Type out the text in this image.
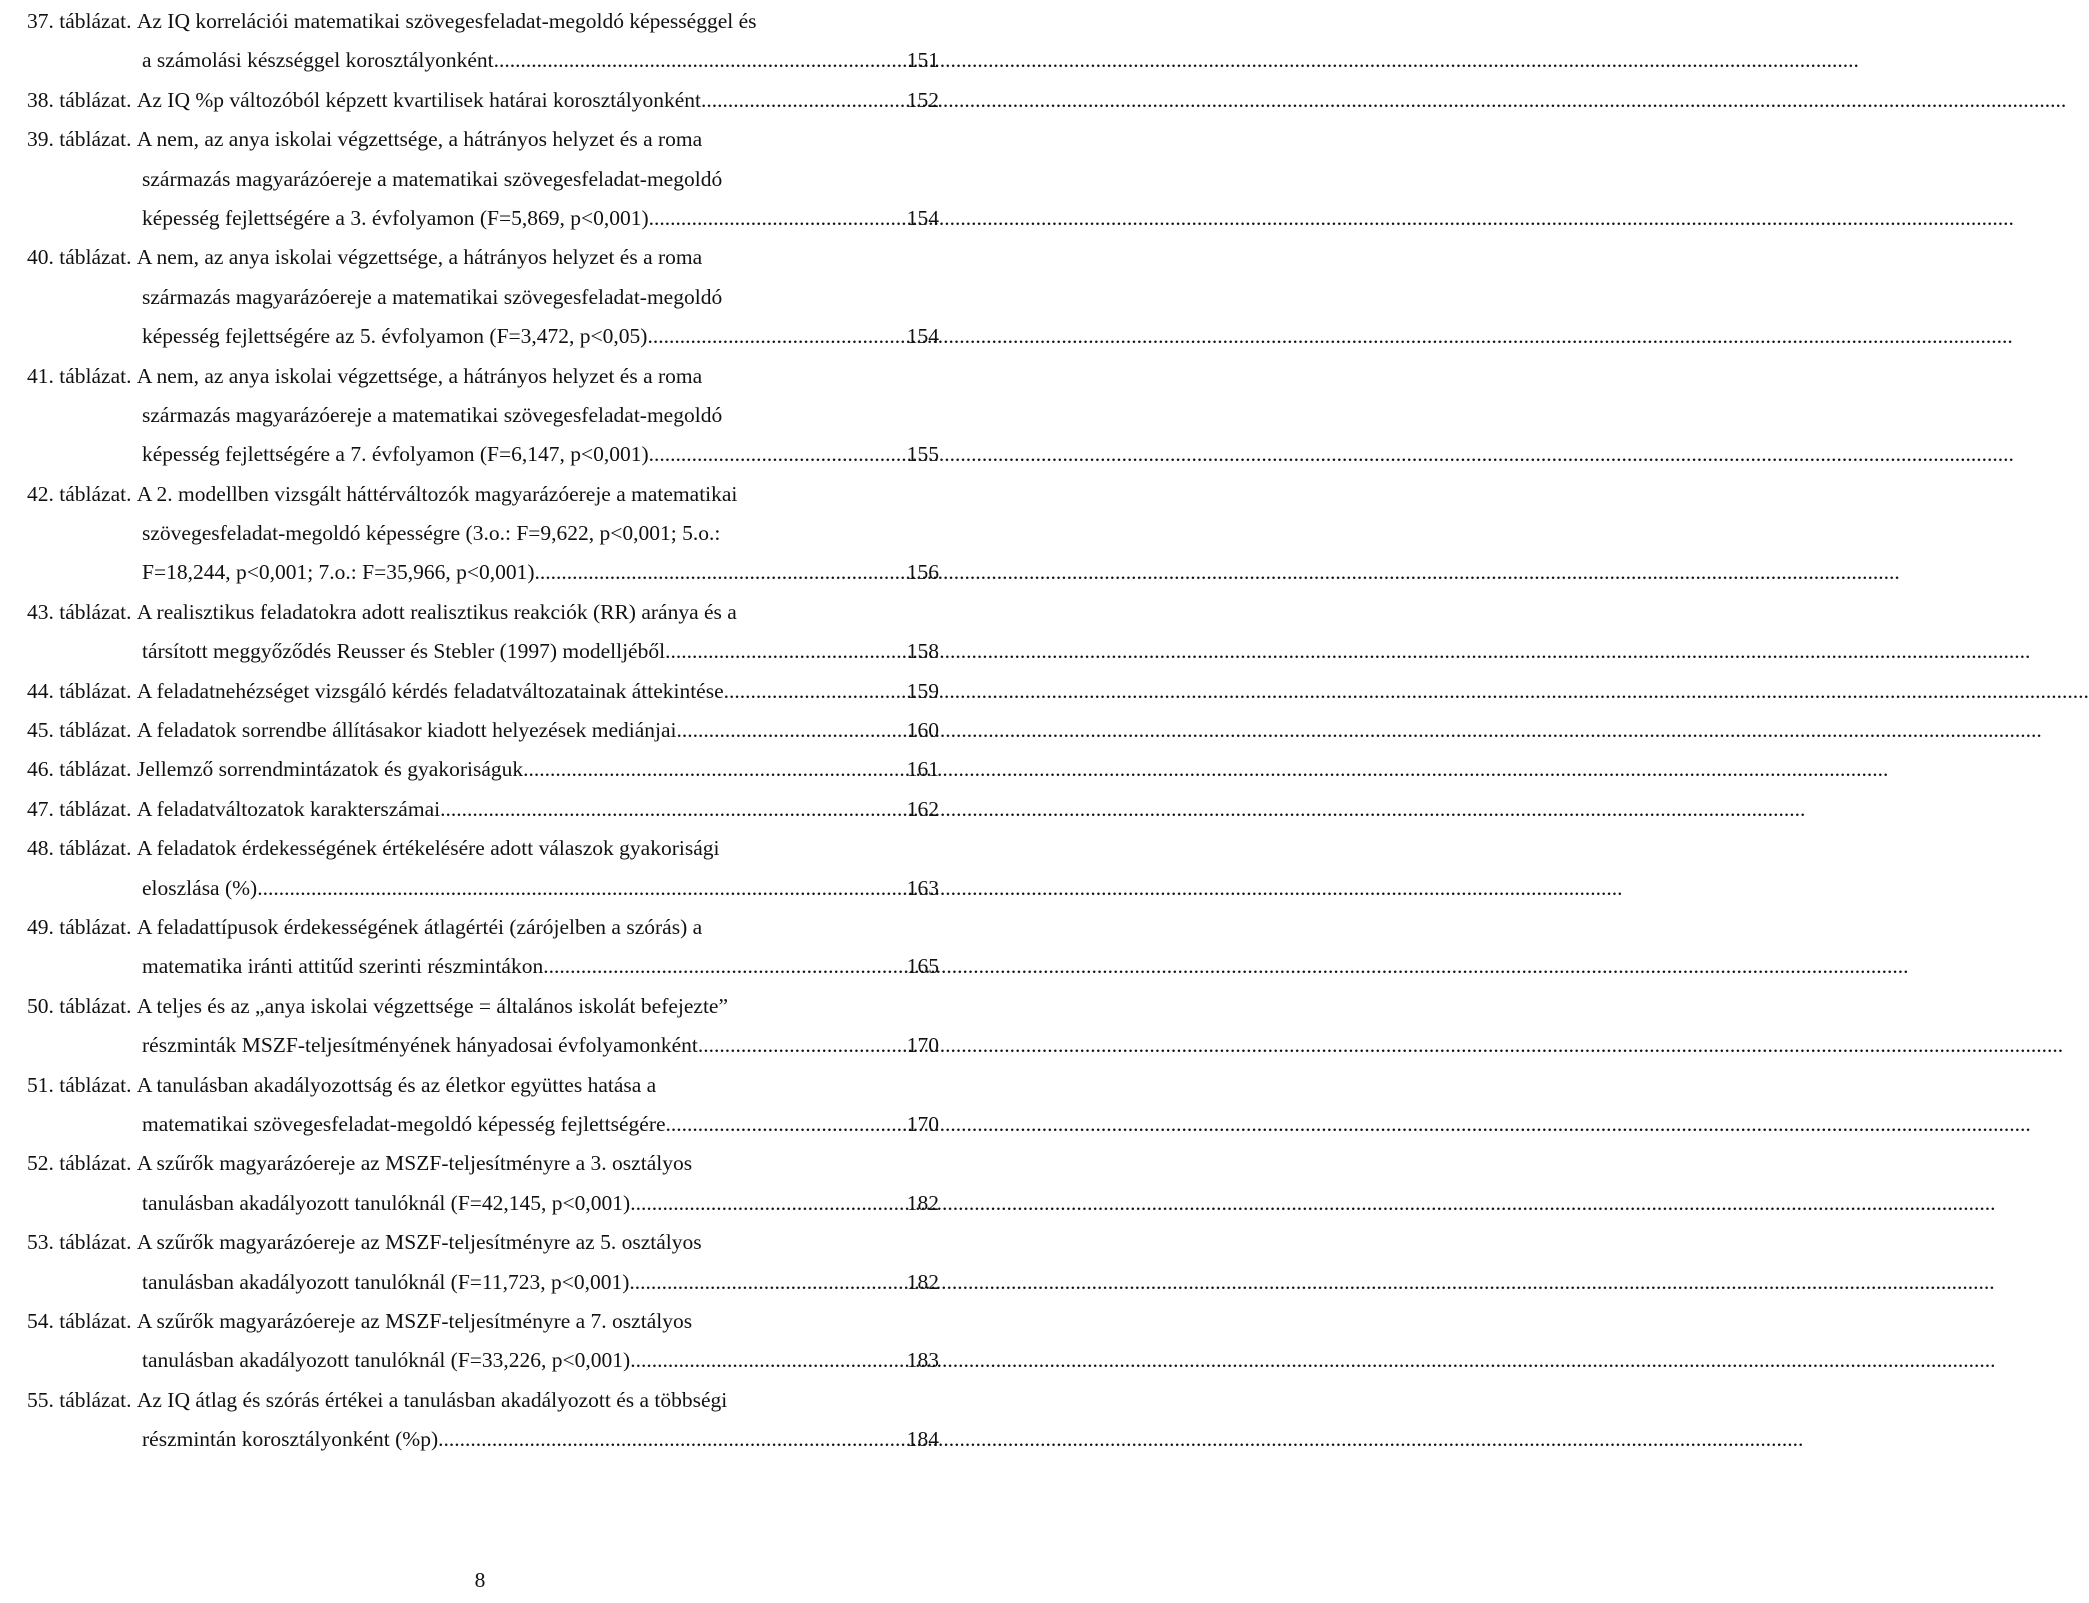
37. táblázat.
Az IQ korrelációi matematikai szövegesfeladat-megoldó képességgel és
a számolási készséggel korosztályonként .....	151
38. táblázat.
Az IQ %p változóból képzett kvartilisek határai korosztályonként .....	152
39. táblázat.
A nem, az anya iskolai végzettsége, a hátrányos helyzet és a roma
származás magyarázóereje a matematikai szövegesfeladat-megoldó
képesség fejlettségére a 3. évfolyamon (F=5,869, p<0,001) .....	154
40. táblázat.
A nem, az anya iskolai végzettsége, a hátrányos helyzet és a roma
származás magyarázóereje a matematikai szövegesfeladat-megoldó
képesség fejlettségére az 5. évfolyamon (F=3,472, p<0,05) .....	154
41. táblázat.
A nem, az anya iskolai végzettsége, a hátrányos helyzet és a roma
származás magyarázóereje a matematikai szövegesfeladat-megoldó
képesség fejlettségére a 7. évfolyamon (F=6,147, p<0,001) .....	155
42. táblázat.
A 2. modellben vizsgált háttérváltozók magyarázóereje a matematikai
szövegesfeladat-megoldó képességre (3.o.: F=9,622, p<0,001; 5.o.:
F=18,244, p<0,001; 7.o.: F=35,966, p<0,001) .....	156
43. táblázat.
A realisztikus feladatokra adott realisztikus reakciók (RR) aránya és a
társított meggyőződés Reusser és Stebler (1997) modelljéből .....	158
44. táblázat.
A feladatnehézséget vizsgáló kérdés feladatváltozatainak áttekintése .....	159
45. táblázat.
A feladatok sorrendbe állításakor kiadott helyezések mediánjai .....	160
46. táblázat.
Jellemző sorrendmintázatok és gyakoriságuk .....	161
47. táblázat.
A feladatváltozatok karakterszámai .....	162
48. táblázat.
A feladatok érdekességének értékelésére adott válaszok gyakorisági
eloszlása (%) .....	163
49. táblázat.
A feladattípusok érdekességének átlagértéi (zárójelben a szórás) a
matematika iránti attitűd szerinti részmintákon .....	165
50. táblázat.
A teljes és az „anya iskolai végzettsége = általános iskolát befejezte”
részminták MSZF-teljesítményének hányadosai évfolyamonként .....	170
51. táblázat.
A tanulásban akadályozottság és az életkor együttes hatása a
matematikai szövegesfeladat-megoldó képesség fejlettségére .....	170
52. táblázat.
A szűrők magyarázóereje az MSZF-teljesítményre a 3. osztályos
tanulásban akadályozott tanulóknál (F=42,145, p<0,001) .....	182
53. táblázat.
A szűrők magyarázóereje az MSZF-teljesítményre az 5. osztályos
tanulásban akadályozott tanulóknál (F=11,723, p<0,001) .....	182
54. táblázat.
A szűrők magyarázóereje az MSZF-teljesítményre a 7. osztályos
tanulásban akadályozott tanulóknál (F=33,226, p<0,001) .....	183
55. táblázat.
Az IQ átlag és szórás értékei a tanulásban akadályozott és a többségi
részmintán korosztályonként (%p) .....	184
8
